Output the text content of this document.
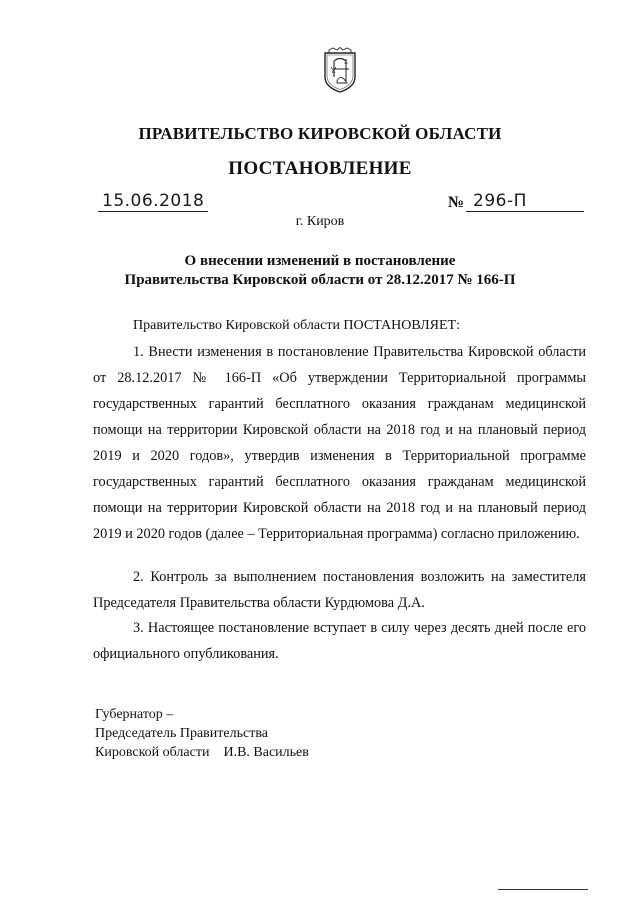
ПРАВИТЕЛЬСТВО КИРОВСКОЙ ОБЛАСТИ
ПОСТАНОВЛЕНИЕ
15.06.2018	№ 296-П
г. Киров
О внесении изменений в постановление
Правительства Кировской области от 28.12.2017 № 166-П
Правительство Кировской области ПОСТАНОВЛЯЕТ:
1. Внести изменения в постановление Правительства Кировской области от 28.12.2017 № 166-П «Об утверждении Территориальной программы государственных гарантий бесплатного оказания гражданам медицинской помощи на территории Кировской области на 2018 год и на плановый период 2019 и 2020 годов», утвердив изменения в Территориальной программе государственных гарантий бесплатного оказания гражданам медицинской помощи на территории Кировской области на 2018 год и на плановый период 2019 и 2020 годов (далее – Территориальная программа) согласно приложению.
2. Контроль за выполнением постановления возложить на заместителя Председателя Правительства области Курдюмова Д.А.
3. Настоящее постановление вступает в силу через десять дней после его официального опубликования.
Губернатор –
Председатель Правительства
Кировской области    И.В. Васильев
